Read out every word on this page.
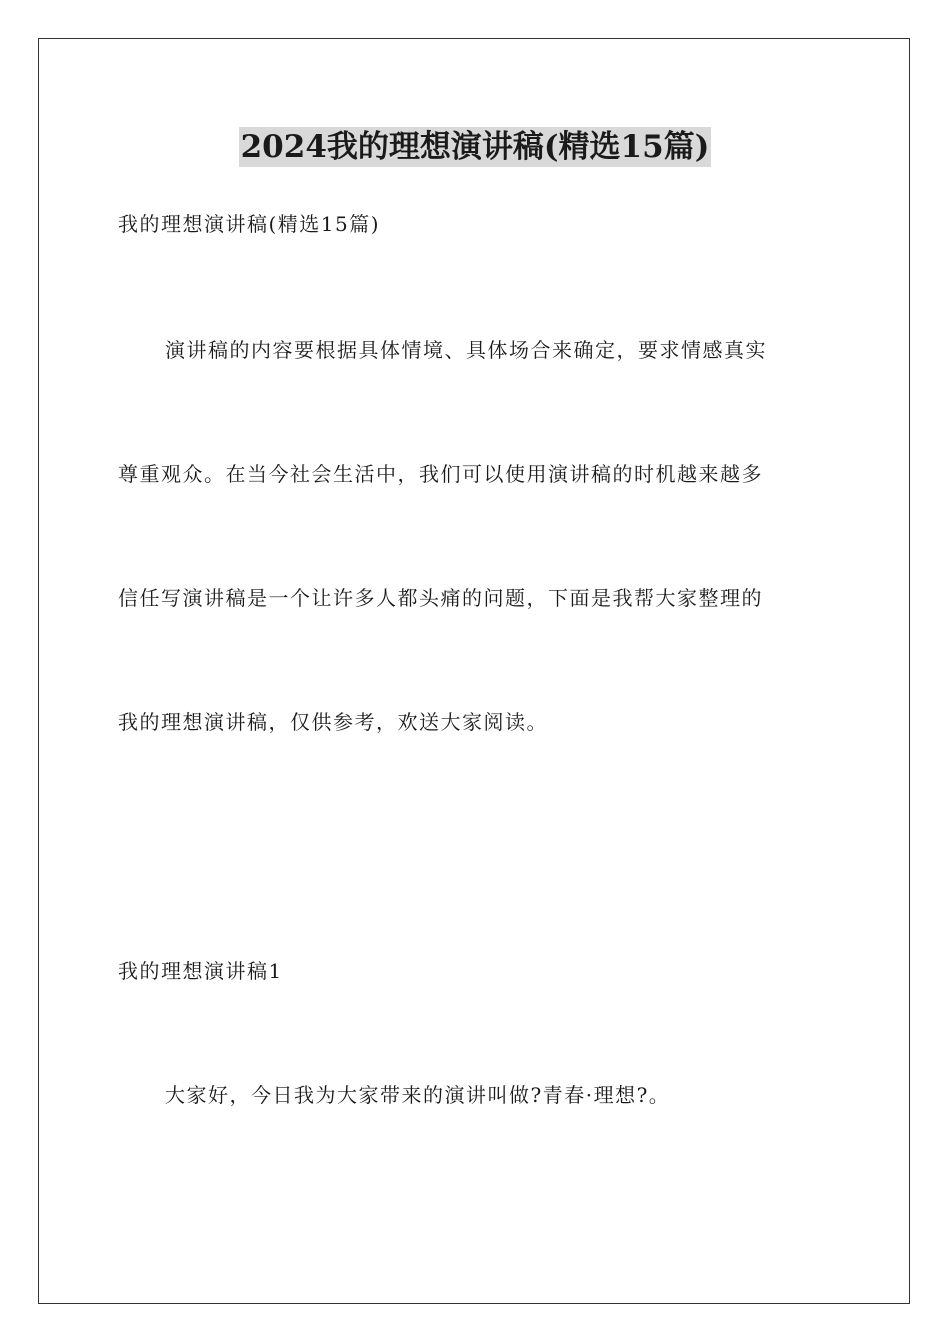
2024我的理想演讲稿(精选15篇)
我的理想演讲稿(精选15篇)
演讲稿的内容要根据具体情境、具体场合来确定，要求情感真实
尊重观众。在当今社会生活中，我们可以使用演讲稿的时机越来越多
信任写演讲稿是一个让许多人都头痛的问题，下面是我帮大家整理的
我的理想演讲稿，仅供参考，欢送大家阅读。
我的理想演讲稿1
大家好，今日我为大家带来的演讲叫做?青春·理想?。
